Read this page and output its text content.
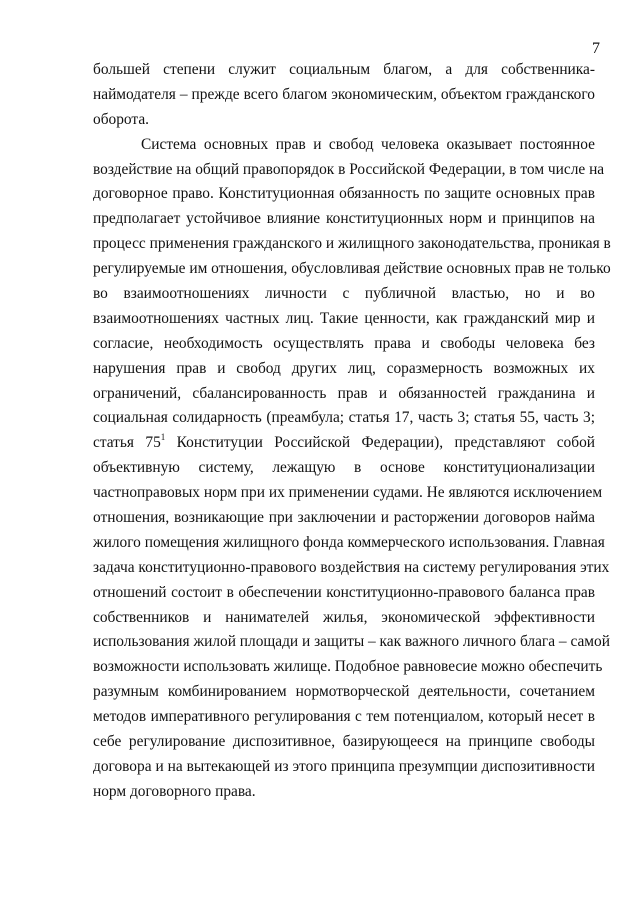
7
большей степени служит социальным благом, а для собственника-
наймодателя – прежде всего благом экономическим, объектом гражданского
оборота.
Система основных прав и свобод человека оказывает постоянное
воздействие на общий правопорядок в Российской Федерации, в том числе на
договорное право. Конституционная обязанность по защите основных прав
предполагает устойчивое влияние конституционных норм и принципов на
процесс применения гражданского и жилищного законодательства, проникая в
регулируемые им отношения, обусловливая действие основных прав не только
во взаимоотношениях личности с публичной властью, но и во
взаимоотношениях частных лиц. Такие ценности, как гражданский мир и
согласие, необходимость осуществлять права и свободы человека без
нарушения прав и свобод других лиц, соразмерность возможных их
ограничений, сбалансированность прав и обязанностей гражданина и
социальная солидарность (преамбула; статья 17, часть 3; статья 55, часть 3;
статья $75^1$ Конституции Российской Федерации), представляют собой
объективную систему, лежащую в основе конституционализации
частноправовых норм при их применении судами. Не являются исключением
отношения, возникающие при заключении и расторжении договоров найма
жилого помещения жилищного фонда коммерческого использования. Главная
задача конституционно-правового воздействия на систему регулирования этих
отношений состоит в обеспечении конституционно-правового баланса прав
собственников и нанимателей жилья, экономической эффективности
использования жилой площади и защиты – как важного личного блага – самой
возможности использовать жилище. Подобное равновесие можно обеспечить
разумным комбинированием нормотворческой деятельности, сочетанием
методов императивного регулирования с тем потенциалом, который несет в
себе регулирование диспозитивное, базирующееся на принципе свободы
договора и на вытекающей из этого принципа презумпции диспозитивности
норм договорного права.
